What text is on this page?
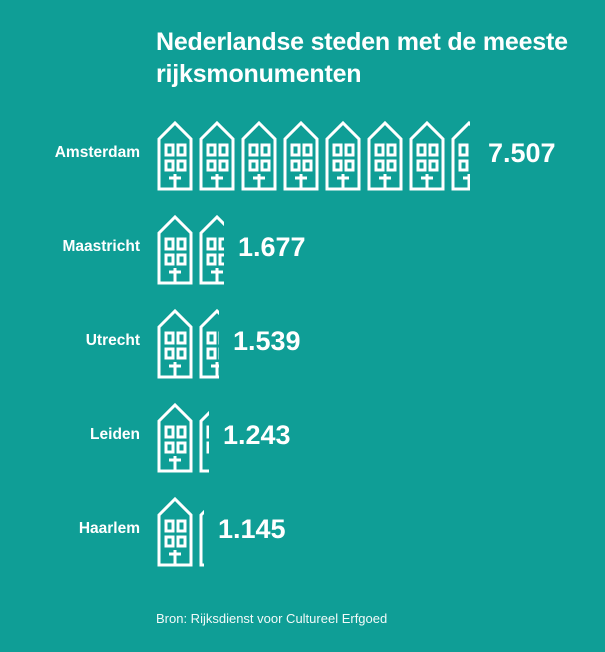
Nederlandse steden met de meeste rijksmonumenten
Amsterdam	7.507
Maastricht	1.677
Utrecht	1.539
Leiden	1.243
Haarlem	1.145
Bron: Rijksdienst voor Cultureel Erfgoed
